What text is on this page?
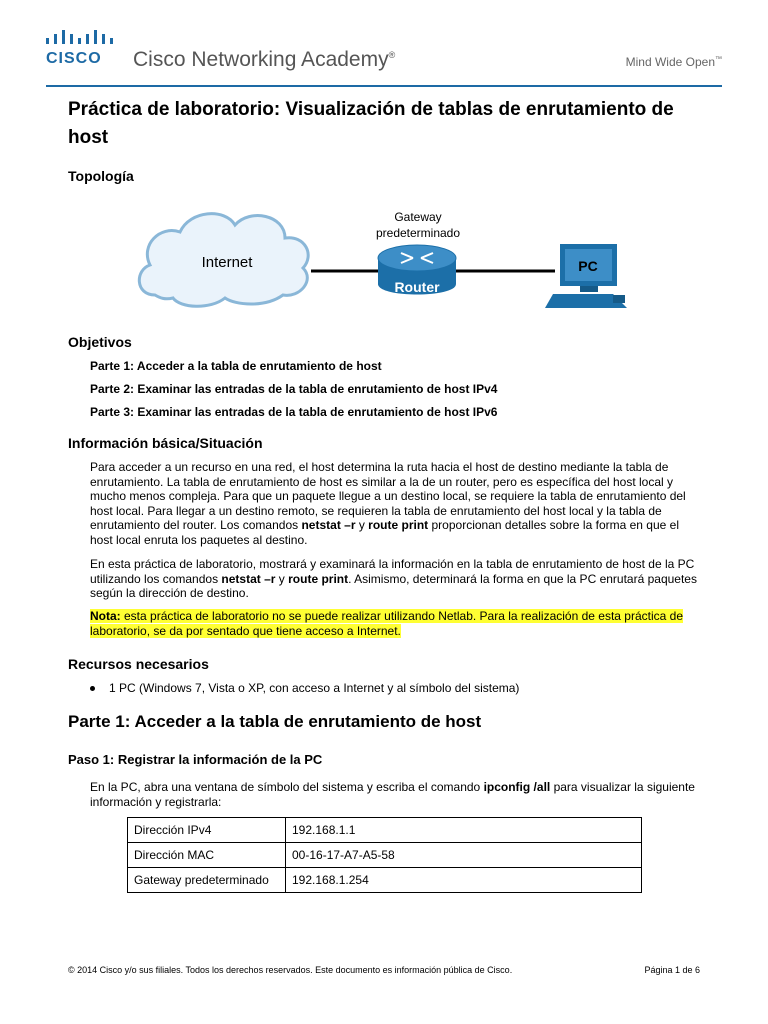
CISCO Cisco Networking Academy®	Mind Wide Open™
Práctica de laboratorio: Visualización de tablas de enrutamiento de host
Topología
Internet
Gateway
predeterminado
Router
PC
Objetivos
Parte 1: Acceder a la tabla de enrutamiento de host
Parte 2: Examinar las entradas de la tabla de enrutamiento de host IPv4
Parte 3: Examinar las entradas de la tabla de enrutamiento de host IPv6
Información básica/Situación

Para acceder a un recurso en una red, el host determina la ruta hacia el host de destino mediante la tabla de enrutamiento. La tabla de enrutamiento de host es similar a la de un router, pero es específica del host local y mucho menos compleja. Para que un paquete llegue a un destino local, se requiere la tabla de enrutamiento del host local. Para llegar a un destino remoto, se requieren la tabla de enrutamiento del host local y la tabla de enrutamiento del router. Los comandos netstat –r y route print proporcionan detalles sobre la forma en que el host local enruta los paquetes al destino.

En esta práctica de laboratorio, mostrará y examinará la información en la tabla de enrutamiento de host de la PC utilizando los comandos netstat –r y route print. Asimismo, determinará la forma en que la PC enrutará paquetes según la dirección de destino.

Nota: esta práctica de laboratorio no se puede realizar utilizando Netlab. Para la realización de esta práctica de laboratorio, se da por sentado que tiene acceso a Internet.

Recursos necesarios
1 PC (Windows 7, Vista o XP, con acceso a Internet y al símbolo del sistema)
Parte 1: Acceder a la tabla de enrutamiento de host
Paso 1: Registrar la información de la PC

En la PC, abra una ventana de símbolo del sistema y escriba el comando ipconfig /all para visualizar la siguiente información y registrarla:

Dirección IPv4	192.168.1.1
Dirección MAC	00-16-17-A7-A5-58
Gateway predeterminado	192.168.1.254
© 2014 Cisco y/o sus filiales. Todos los derechos reservados. Este documento es información pública de Cisco.	Página 1 de 6
